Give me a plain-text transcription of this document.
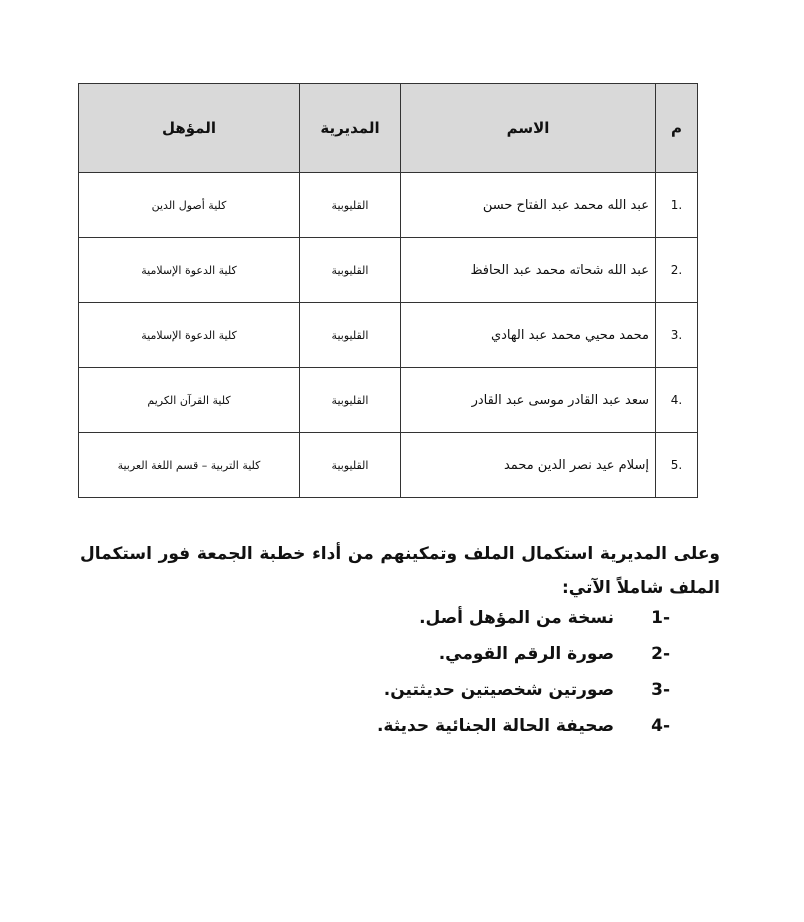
م	الاسم	المديرية	المؤهل
1.	عبد الله محمد عبد الفتاح حسن	القليوبية	كلية أصول الدين
2.	عبد الله شحاته محمد عبد الحافظ	القليوبية	كلية الدعوة الإسلامية
3.	محمد محيي محمد عبد الهادي	القليوبية	كلية الدعوة الإسلامية
4.	سعد عبد القادر موسى عبد القادر	القليوبية	كلية القرآن الكريم
5.	إسلام عيد نصر الدين محمد	القليوبية	كلية التربية – قسم اللغة العربية

وعلى المديرية استكمال الملف وتمكينهم من أداء خطبة الجمعة فور استكمال الملف شاملاً الآتي:

1-
نسخة من المؤهل أصل.
2-
صورة الرقم القومي.
3-
صورتين شخصيتين حديثتين.
4-
صحيفة الحالة الجنائية حديثة.
